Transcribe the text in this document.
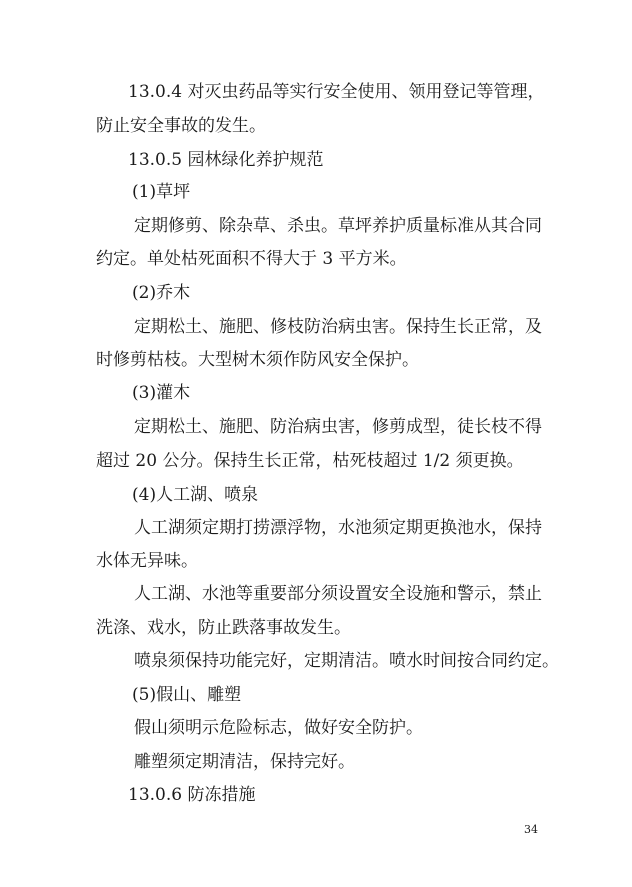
13.0.4 对灭虫药品等实行安全使用、领用登记等管理，
防止安全事故的发生。
13.0.5 园林绿化养护规范
(1)草坪
定期修剪、除杂草、杀虫。草坪养护质量标准从其合同
约定。单处枯死面积不得大于 3 平方米。
(2)乔木
定期松土、施肥、修枝防治病虫害。保持生长正常，及
时修剪枯枝。大型树木须作防风安全保护。
(3)灌木
定期松土、施肥、防治病虫害，修剪成型，徒长枝不得
超过 20 公分。保持生长正常，枯死枝超过 1/2 须更换。
(4)人工湖、喷泉
人工湖须定期打捞漂浮物，水池须定期更换池水，保持
水体无异味。
人工湖、水池等重要部分须设置安全设施和警示，禁止
洗涤、戏水，防止跌落事故发生。
喷泉须保持功能完好，定期清洁。喷水时间按合同约定。
(5)假山、雕塑
假山须明示危险标志，做好安全防护。
雕塑须定期清洁，保持完好。
13.0.6 防冻措施
34
